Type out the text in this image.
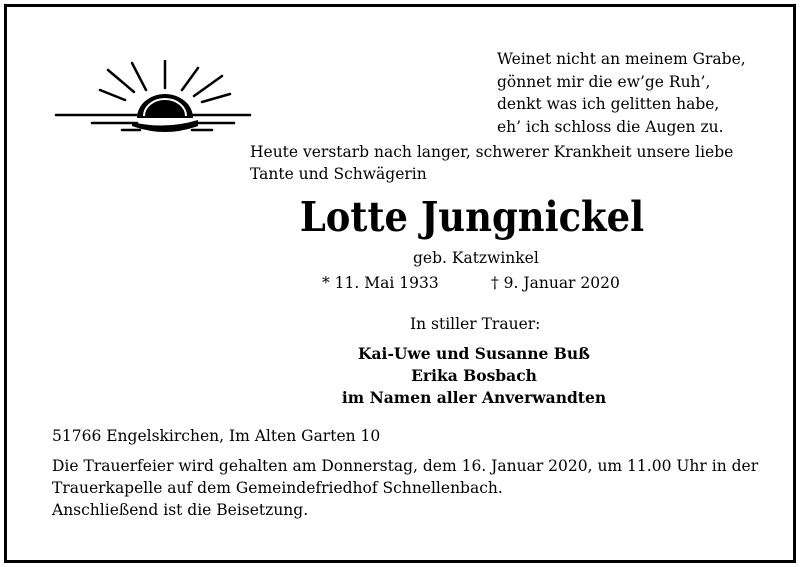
Weinet nicht an meinem Grabe,
gönnet mir die ew’ge Ruh’,
denkt was ich gelitten habe,
eh’ ich schloss die Augen zu.
Heute verstarb nach langer, schwerer Krankheit unsere liebe Tante und Schwägerin
Lotte Jungnickel
geb. Katzwinkel
* 11. Mai 1933	† 9. Januar 2020
In stiller Trauer:
Kai-Uwe und Susanne Buß
Erika Bosbach
im Namen aller Anverwandten
51766 Engelskirchen, Im Alten Garten 10
Die Trauerfeier wird gehalten am Donnerstag, dem 16. Januar 2020, um 11.00 Uhr in der Trauerkapelle auf dem Gemeindefriedhof Schnellenbach.
Anschließend ist die Beisetzung.
